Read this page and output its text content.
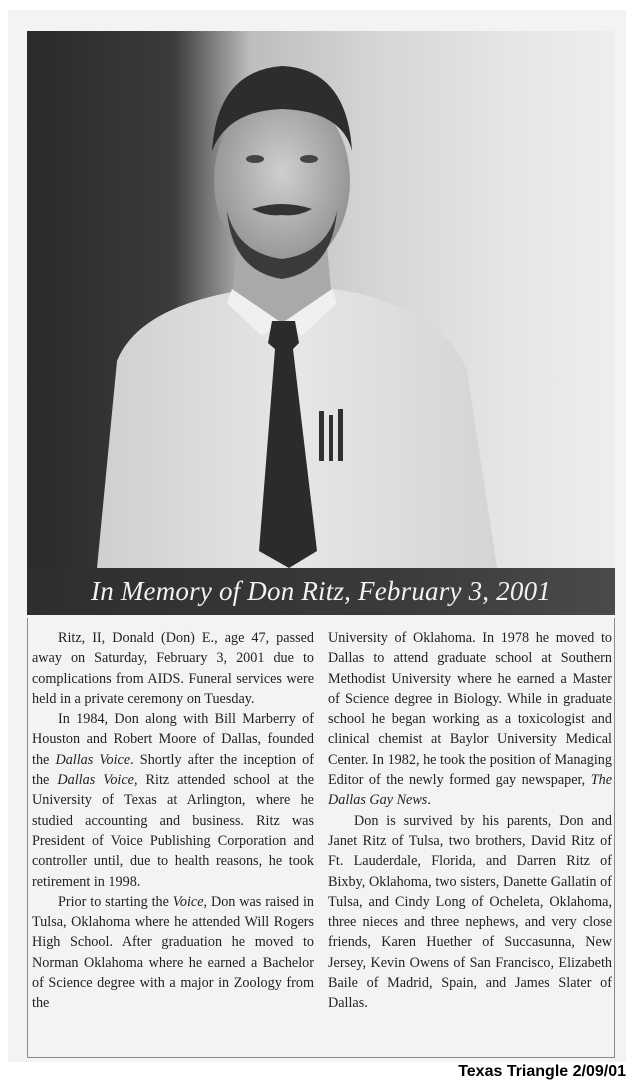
In Memory of Don Ritz, February 3, 2001

Ritz, II, Donald (Don) E., age 47, passed away on Saturday, February 3, 2001 due to complications from AIDS. Funeral services were held in a private ceremony on Tuesday.

In 1984, Don along with Bill Marberry of Houston and Robert Moore of Dallas, founded the Dallas Voice. Shortly after the inception of the Dallas Voice, Ritz attended school at the University of Texas at Arlington, where he studied accounting and business. Ritz was President of Voice Publishing Corporation and controller until, due to health reasons, he took retirement in 1998.

Prior to starting the Voice, Don was raised in Tulsa, Oklahoma where he attended Will Rogers High School. After graduation he moved to Norman Oklahoma where he earned a Bachelor of Science degree with a major in Zoology from the

University of Oklahoma. In 1978 he moved to Dallas to attend graduate school at Southern Methodist University where he earned a Master of Science degree in Biology. While in graduate school he began working as a toxicologist and clinical chemist at Baylor University Medical Center. In 1982, he took the position of Managing Editor of the newly formed gay newspaper, The Dallas Gay News.

Don is survived by his parents, Don and Janet Ritz of Tulsa, two brothers, David Ritz of Ft. Lauderdale, Florida, and Darren Ritz of Bixby, Oklahoma, two sisters, Danette Gallatin of Tulsa, and Cindy Long of Ocheleta, Oklahoma, three nieces and three nephews, and very close friends, Karen Huether of Succasunna, New Jersey, Kevin Owens of San Francisco, Elizabeth Baile of Madrid, Spain, and James Slater of Dallas.

Texas Triangle 2/09/01
